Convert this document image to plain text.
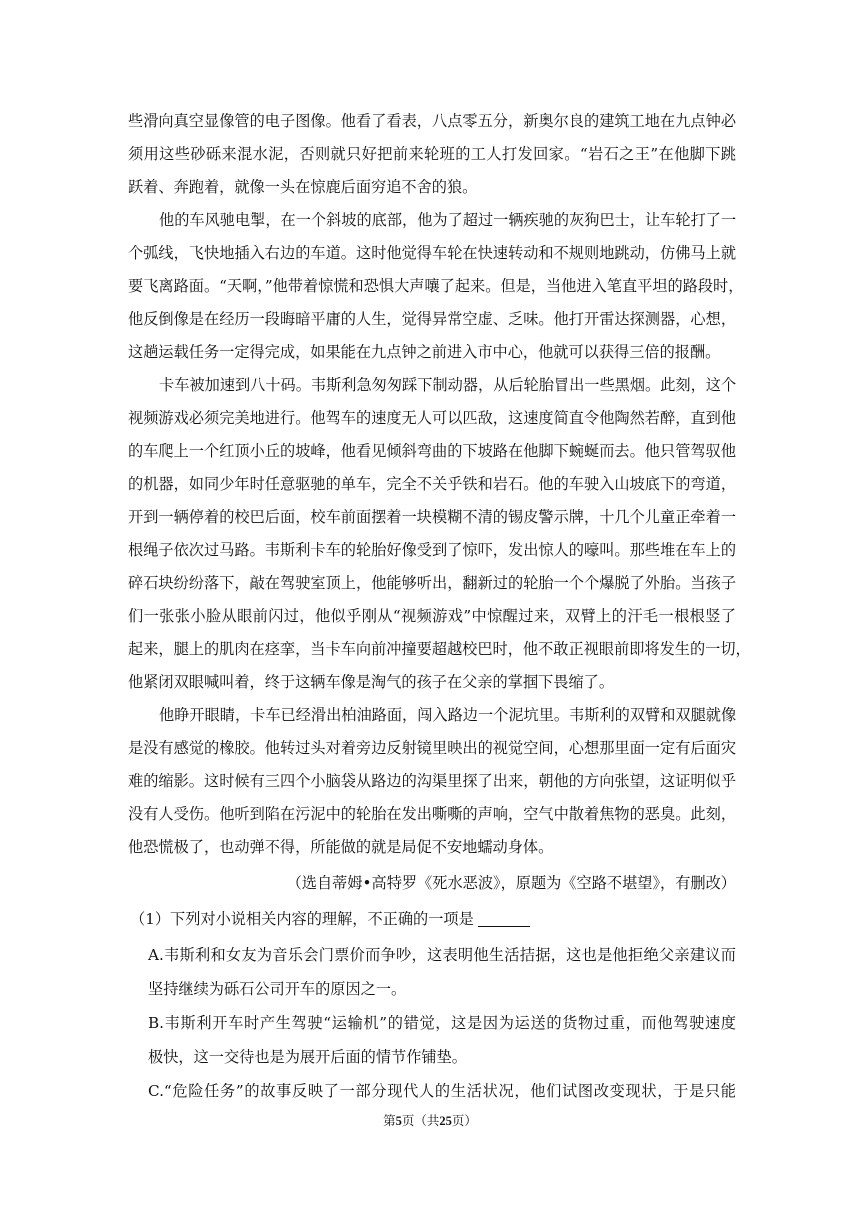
些滑向真空显像管的电子图像。他看了看表，八点零五分，新奥尔良的建筑工地在九点钟必
须用这些砂砾来混水泥，否则就只好把前来轮班的工人打发回家。“岩石之王”在他脚下跳
跃着、奔跑着，就像一头在惊鹿后面穷追不舍的狼。
他的车风驰电掣，在一个斜坡的底部，他为了超过一辆疾驰的灰狗巴士，让车轮打了一
个弧线，飞快地插入右边的车道。这时他觉得车轮在快速转动和不规则地跳动，仿佛马上就
要飞离路面。“天啊，”他带着惊慌和恐惧大声嚷了起来。但是，当他进入笔直平坦的路段时，
他反倒像是在经历一段晦暗平庸的人生，觉得异常空虚、乏味。他打开雷达探测器，心想，
这趟运载任务一定得完成，如果能在九点钟之前进入市中心，他就可以获得三倍的报酬。
卡车被加速到八十码。韦斯利急匆匆踩下制动器，从后轮胎冒出一些黑烟。此刻，这个
视频游戏必须完美地进行。他驾车的速度无人可以匹敌，这速度简直令他陶然若醉，直到他
的车爬上一个红顶小丘的坡峰，他看见倾斜弯曲的下坡路在他脚下蜿蜒而去。他只管驾驭他
的机器，如同少年时任意驱驰的单车，完全不关乎铁和岩石。他的车驶入山坡底下的弯道，
开到一辆停着的校巴后面，校车前面摆着一块模糊不清的锡皮警示牌，十几个儿童正牵着一
根绳子依次过马路。韦斯利卡车的轮胎好像受到了惊吓，发出惊人的嚎叫。那些堆在车上的
碎石块纷纷落下，敲在驾驶室顶上，他能够听出，翻新过的轮胎一个个爆脱了外胎。当孩子
们一张张小脸从眼前闪过，他似乎刚从“视频游戏”中惊醒过来，双臂上的汗毛一根根竖了
起来，腿上的肌肉在痉挛，当卡车向前冲撞要超越校巴时，他不敢正视眼前即将发生的一切，
他紧闭双眼喊叫着，终于这辆车像是淘气的孩子在父亲的掌掴下畏缩了。
他睁开眼睛，卡车已经滑出柏油路面，闯入路边一个泥坑里。韦斯利的双臂和双腿就像
是没有感觉的橡胶。他转过头对着旁边反射镜里映出的视觉空间，心想那里面一定有后面灾
难的缩影。这时候有三四个小脑袋从路边的沟渠里探了出来，朝他的方向张望，这证明似乎
没有人受伤。他听到陷在污泥中的轮胎在发出嘶嘶的声响，空气中散着焦物的恶臭。此刻，
他恐慌极了，也动弹不得，所能做的就是局促不安地蠕动身体。
（选自蒂姆•高特罗《死水恶波》，原题为《空路不堪望》，有删改）
（1）下列对小说相关内容的理解，不正确的一项是
A.韦斯利和女友为音乐会门票价而争吵，这表明他生活拮据，这也是他拒绝父亲建议而
坚持继续为砾石公司开车的原因之一。
B.韦斯利开车时产生驾驶“运输机”的错觉，这是因为运送的货物过重，而他驾驶速度
极快，这一交待也是为展开后面的情节作铺垫。
C.“危险任务”的故事反映了一部分现代人的生活状况，他们试图改变现状，于是只能
第5页（共25页）
